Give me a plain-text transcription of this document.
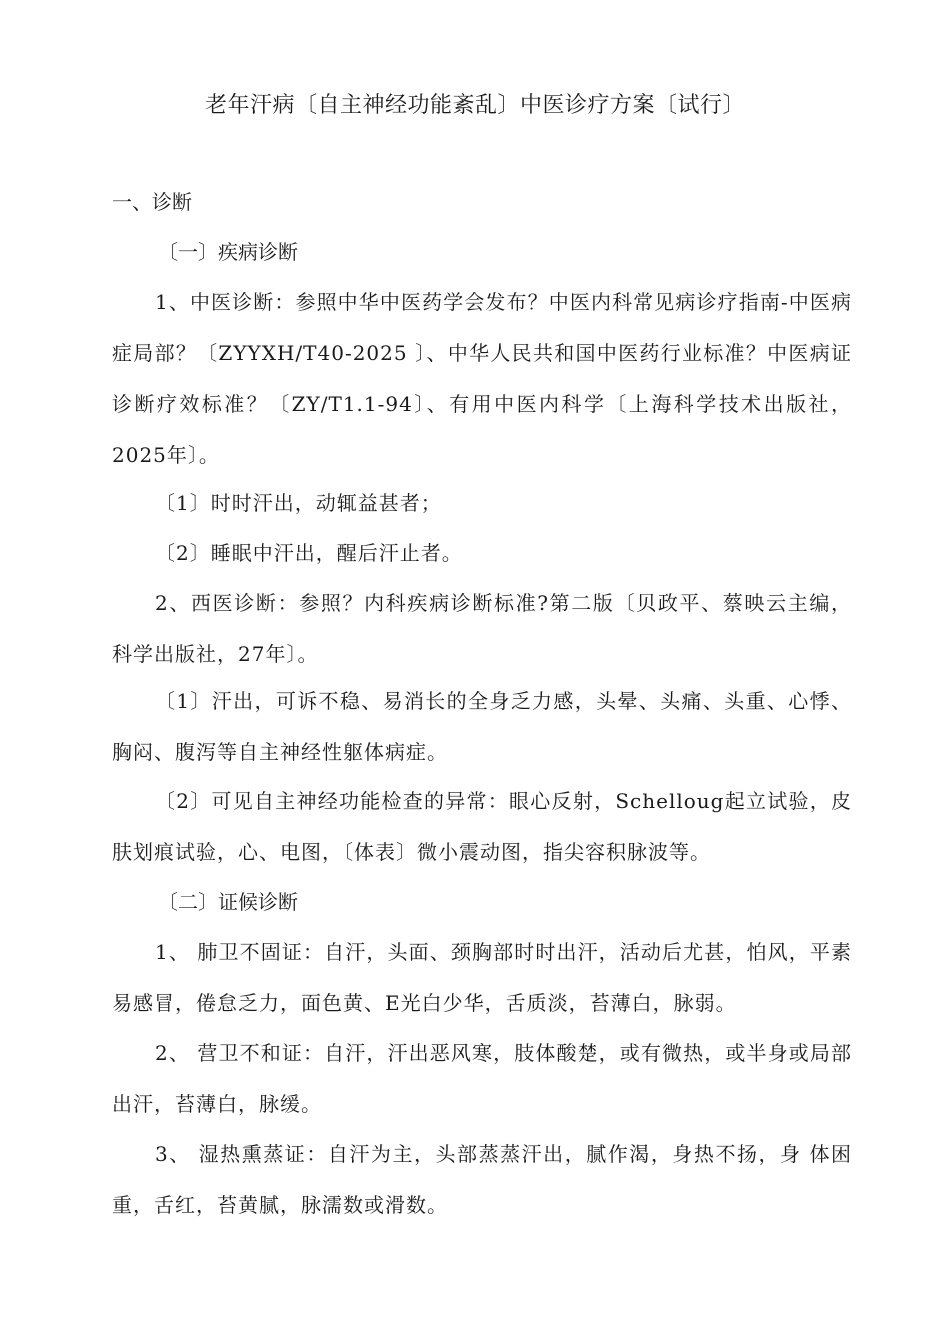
老年汗病〔自主神经功能紊乱〕中医诊疗方案〔试行〕
一、诊断
〔一〕疾病诊断
1、中医诊断：参照中华中医药学会发布？中医内科常见病诊疗指南-中医病症局部？〔ZYYXH/T40-2025 〕、中华人民共和国中医药行业标准？中医病证诊断疗效标准？〔ZY/T1.1-94〕、有用中医内科学〔上海科学技术出版社，2025年〕。
〔1〕时时汗出，动辄益甚者；
〔2〕睡眠中汗出，醒后汗止者。
2、西医诊断：参照？内科疾病诊断标准?第二版〔贝政平、蔡映云主编，科学出版社，27年〕。
〔1〕汗出，可诉不稳、易消长的全身乏力感，头晕、头痛、头重、心悸、胸闷、腹泻等自主神经性躯体病症。
〔2〕可见自主神经功能检查的异常：眼心反射，Schelloug起立试验，皮肤划痕试验，心、电图，〔体表〕微小震动图，指尖容积脉波等。
〔二〕证候诊断
1、 肺卫不固证：自汗，头面、颈胸部时时出汗，活动后尤甚，怕风，平素易感冒，倦怠乏力，面色黄、E光白少华，舌质淡，苔薄白，脉弱。
2、 营卫不和证：自汗，汗出恶风寒，肢体酸楚，或有微热，或半身或局部出汗，苔薄白，脉缓。
3、 湿热熏蒸证：自汗为主，头部蒸蒸汗出，腻作渴，身热不扬，身 体困重，舌红，苔黄腻，脉濡数或滑数。
